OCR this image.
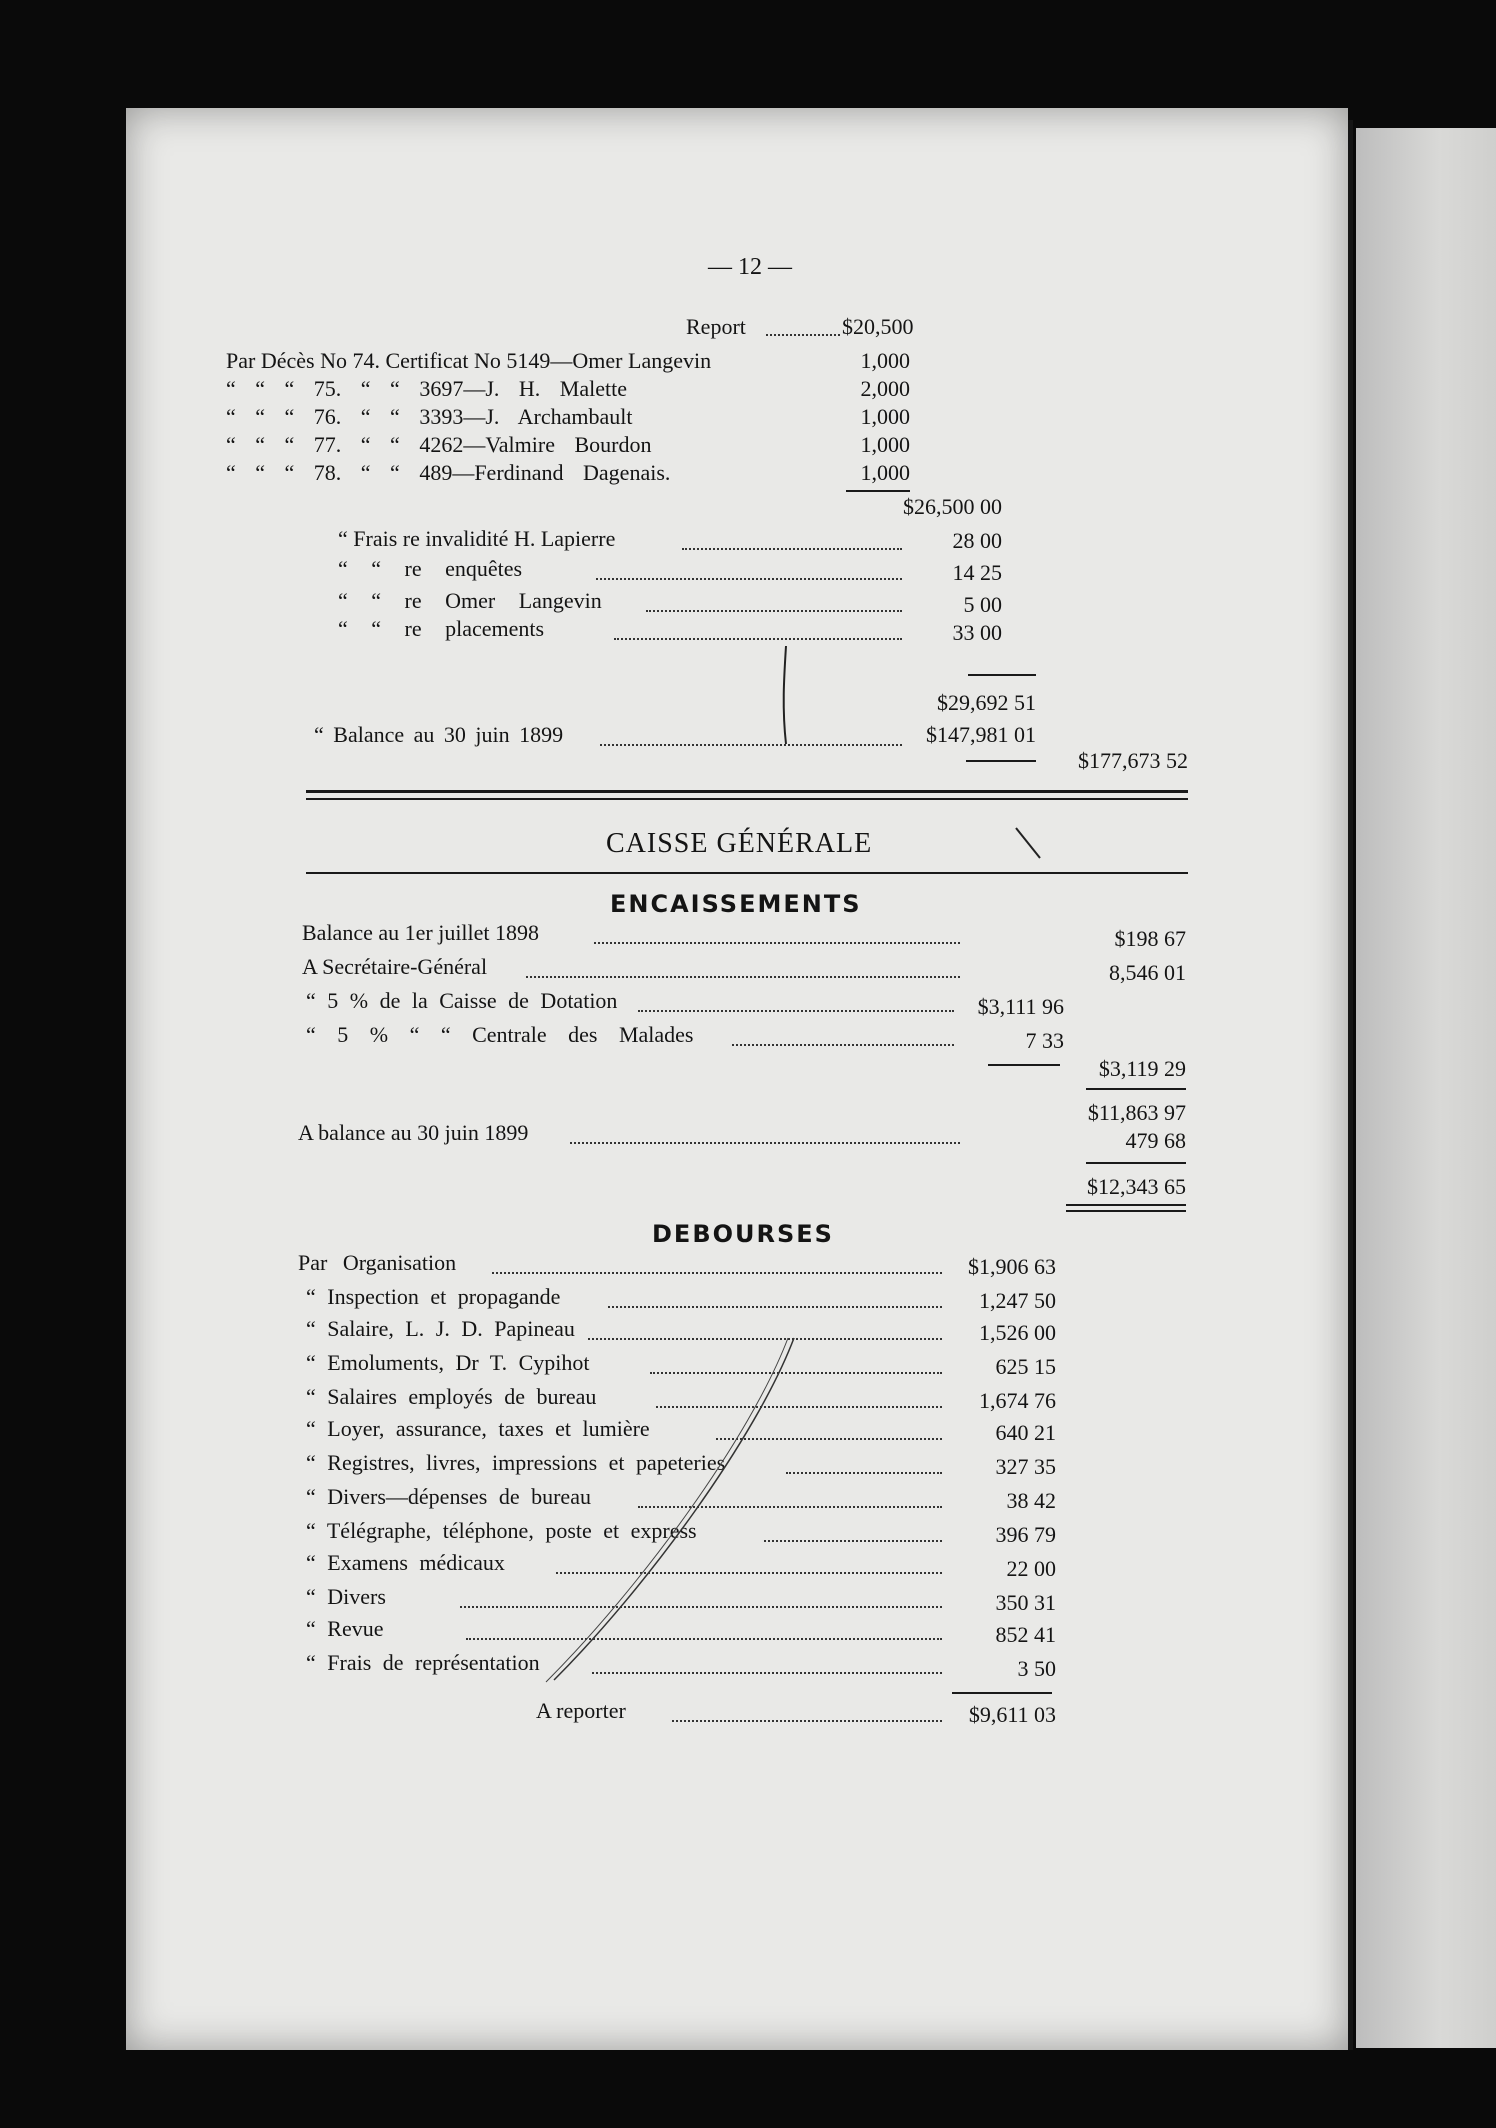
— 12 —
Report	$20,500
Par Décès No 74. Certificat No 5149—Omer Langevin	1,000
“ “ “ 75. “ “ 3697—J. H. Malette	2,000
“ “ “ 76. “ “ 3393—J. Archambault	1,000
“ “ “ 77. “ “ 4262—Valmire Bourdon	1,000
“ “ “ 78. “ “ 489—Ferdinand Dagenais.	1,000
$26,500 00
“ Frais re invalidité H. Lapierre	28 00
“ “ re enquêtes	14 25
“ “ re Omer Langevin	5 00
“ “ re placements	33 00
$29,692 51
“ Balance au 30 juin 1899	$147,981 01
$177,673 52
CAISSE GÉNÉRALE
ENCAISSEMENTS
Balance au 1er juillet 1898	$198 67
A Secrétaire-Général	8,546 01
“ 5 % de la Caisse de Dotation	$3,111 96
“ 5 % “ “ Centrale des Malades	7 33
$3,119 29
$11,863 97
A balance au 30 juin 1899	479 68
$12,343 65
DEBOURSES
Par Organisation	$1,906 63
“ Inspection et propagande	1,247 50
“ Salaire, L. J. D. Papineau	1,526 00
“ Emoluments, Dr T. Cypihot	625 15
“ Salaires employés de bureau	1,674 76
“ Loyer, assurance, taxes et lumière	640 21
“ Registres, livres, impressions et papeteries	327 35
“ Divers—dépenses de bureau	38 42
“ Télégraphe, téléphone, poste et express	396 79
“ Examens médicaux	22 00
“ Divers	350 31
“ Revue	852 41
“ Frais de représentation	3 50
A reporter	$9,611 03
